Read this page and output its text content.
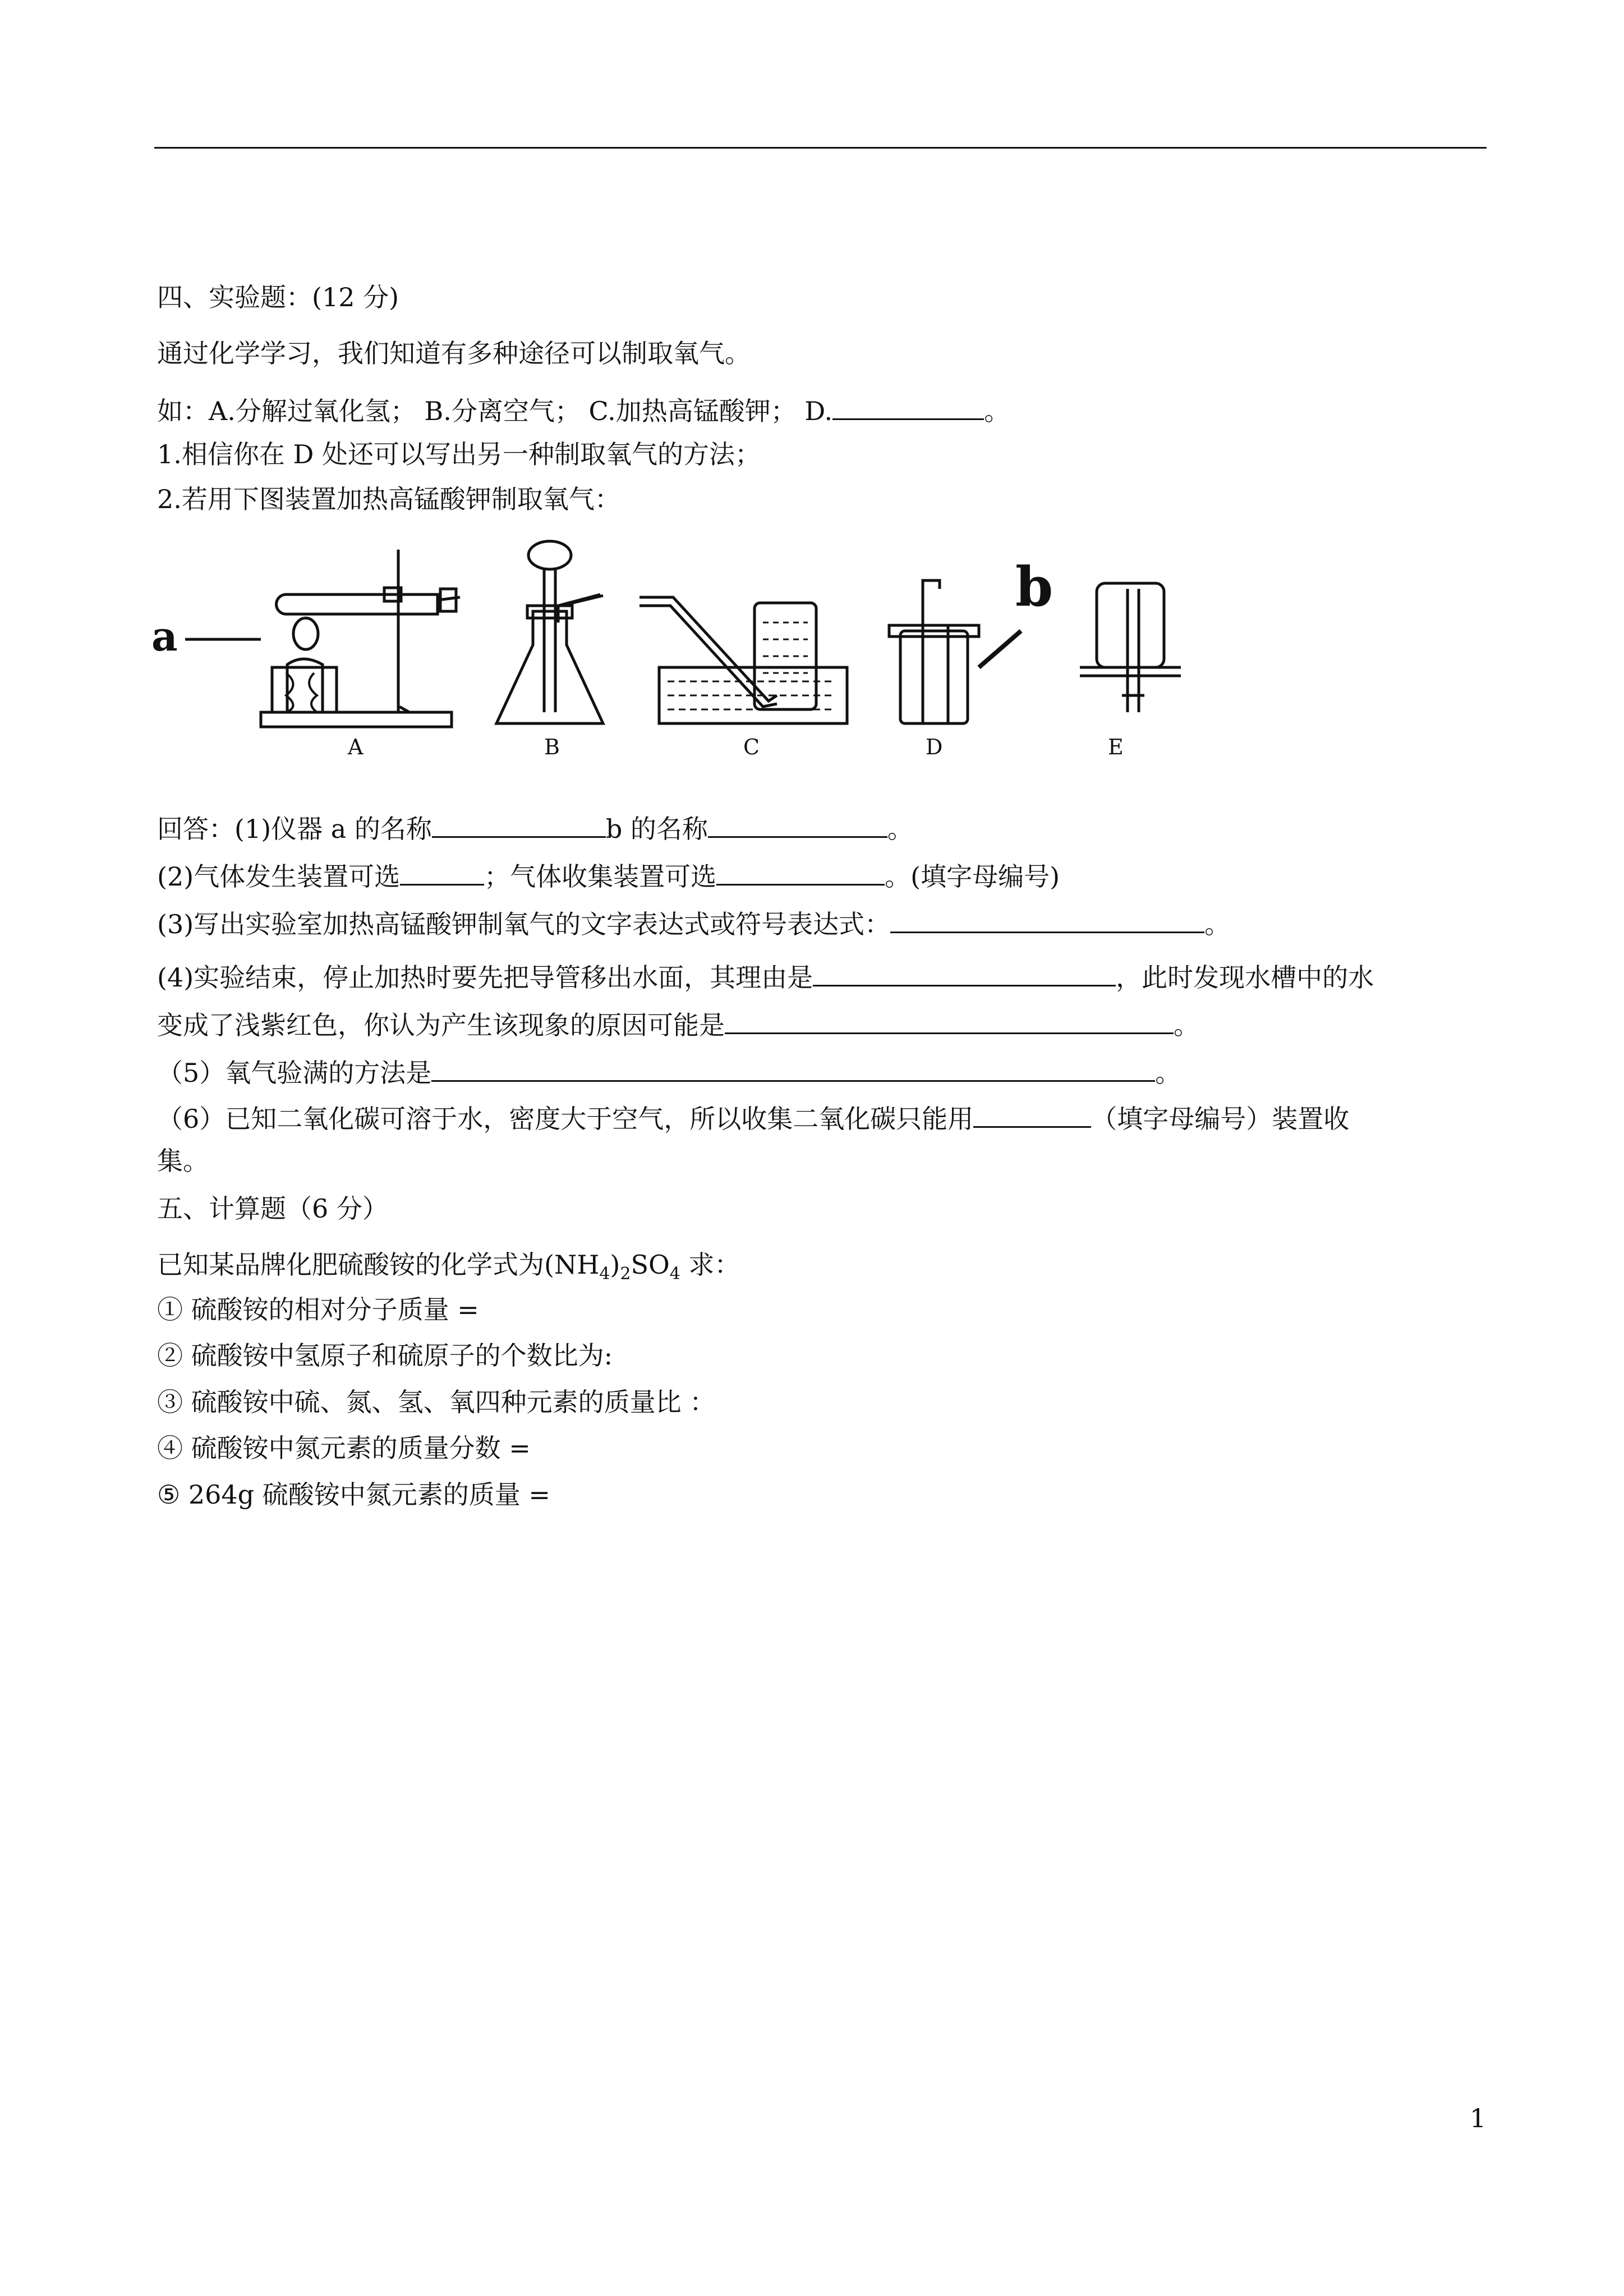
四、实验题：(12 分)
通过化学学习，我们知道有多种途径可以制取氧气。
如：A.分解过氧化氢； B.分离空气； C.加热高锰酸钾； D.	。
1.相信你在 D 处还可以写出另一种制取氧气的方法；
2.若用下图装置加热高锰酸钾制取氧气：
a
A	B	C
b
D	E
回答：(1)仪器 a 的名称	b 的名称	。
(2)气体发生装置可选	；气体收集装置可选	。(填字母编号)
(3)写出实验室加热高锰酸钾制氧气的文字表达式或符号表达式：	。
(4)实验结束，停止加热时要先把导管移出水面，其理由是	，此时发现水槽中的水
变成了浅紫红色，你认为产生该现象的原因可能是	。
（5）氧气验满的方法是	。
（6）已知二氧化碳可溶于水，密度大于空气，所以收集二氧化碳只能用	（填字母编号）装置收
集。
五、计算题（6 分）
已知某品牌化肥硫酸铵的化学式为$(NH_4)_2SO_4$ 求：
① 硫酸铵的相对分子质量 =
② 硫酸铵中氢原子和硫原子的个数比为:
③ 硫酸铵中硫、氮、氢、氧四种元素的质量比 ：
④ 硫酸铵中氮元素的质量分数 =
⑤ 264g 硫酸铵中氮元素的质量 =
1
